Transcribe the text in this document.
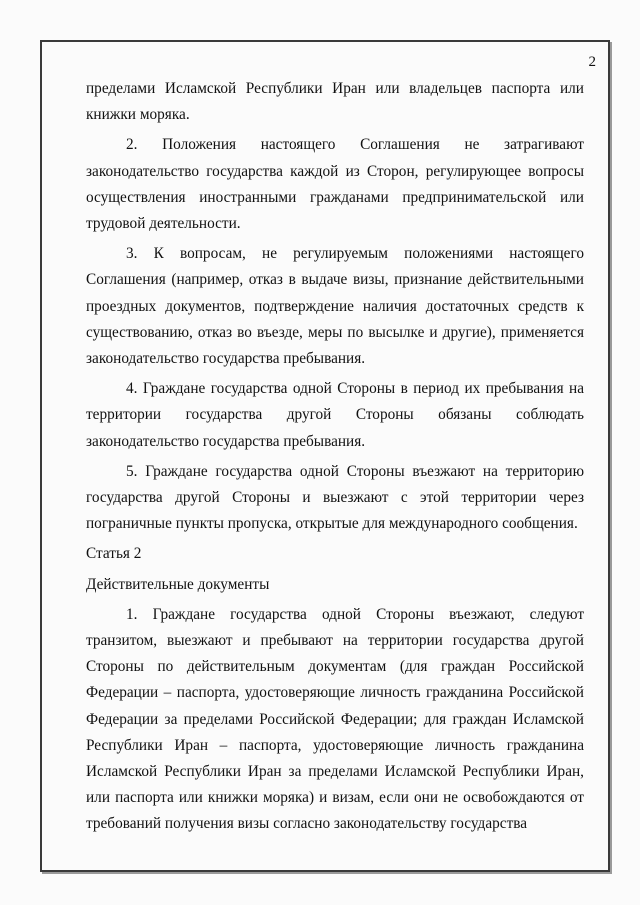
2

пределами Исламской Республики Иран или владельцев паспорта или книжки моряка.

2. Положения настоящего Соглашения не затрагивают законодательство государства каждой из Сторон, регулирующее вопросы осуществления иностранными гражданами предпринимательской или трудовой деятельности.

3. К вопросам, не регулируемым положениями настоящего Соглашения (например, отказ в выдаче визы, признание действительными проездных документов, подтверждение наличия достаточных средств к существованию, отказ во въезде, меры по высылке и другие), применяется законодательство государства пребывания.

4. Граждане государства одной Стороны в период их пребывания на территории государства другой Стороны обязаны соблюдать законодательство государства пребывания.

5. Граждане государства одной Стороны въезжают на территорию государства другой Стороны и выезжают с этой территории через пограничные пункты пропуска, открытые для международного сообщения.

Статья 2

Действительные документы

1. Граждане государства одной Стороны въезжают, следуют транзитом, выезжают и пребывают на территории государства другой Стороны по действительным документам (для граждан Российской Федерации – паспорта, удостоверяющие личность гражданина Российской Федерации за пределами Российской Федерации; для граждан Исламской Республики Иран – паспорта, удостоверяющие личность гражданина Исламской Республики Иран за пределами Исламской Республики Иран, или паспорта или книжки моряка) и визам, если они не освобождаются от требований получения визы согласно законодательству государства
